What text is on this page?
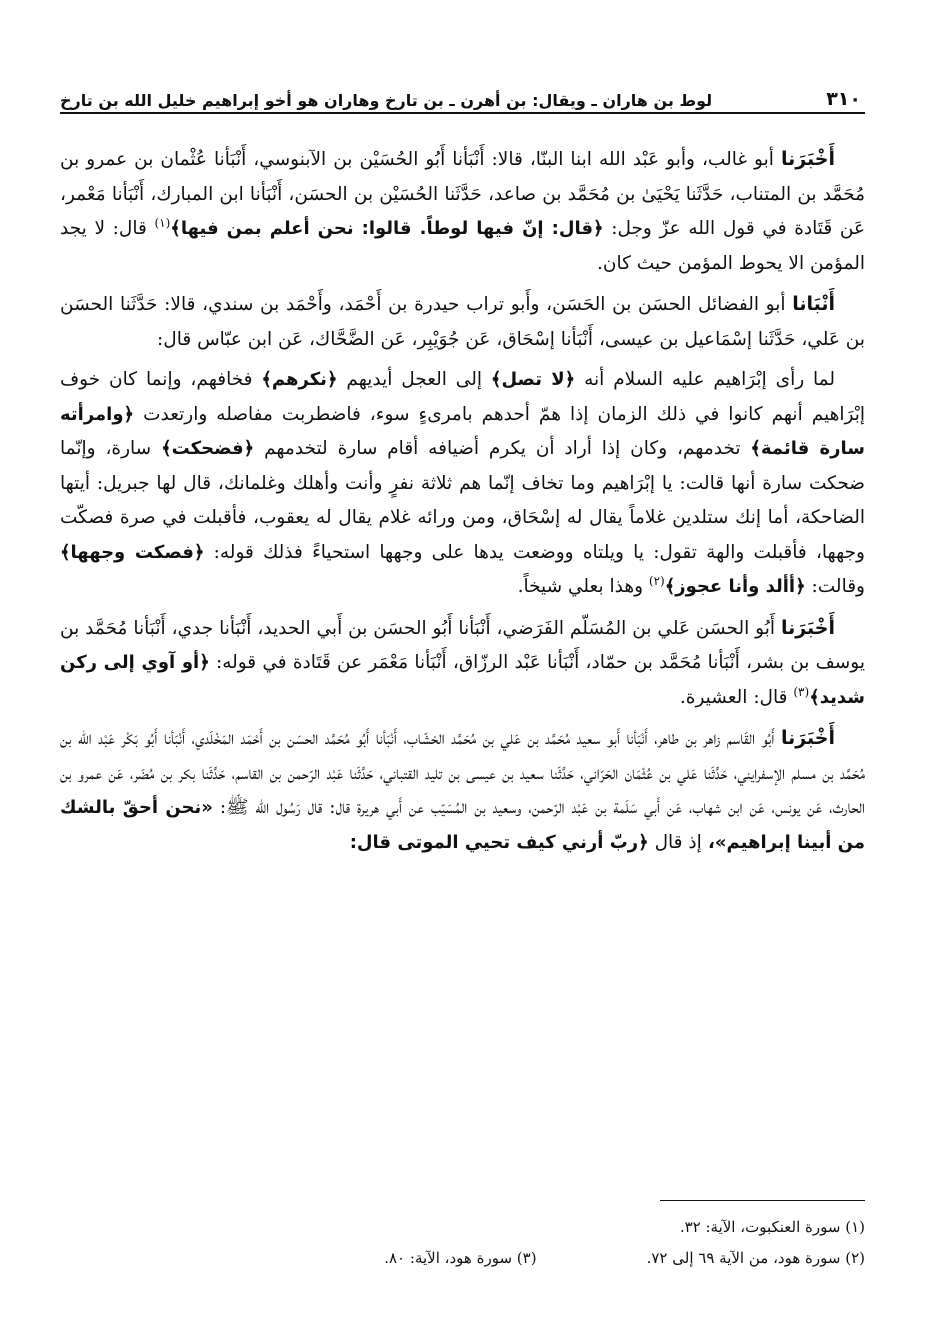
٣١٠
لوط بن هاران ـ ويقال: بن أهرن ـ بن تارخ وهاران هو أخو إبراهيم خليل الله بن تارخ

أَخْبَرَنا أبو غالب، وأبو عَبْد الله ابنا البنّا، قالا: أَنْبَأنا أَبُو الحُسَيْن بن الآبنوسي، أَنْبَأنا عُثْمان بن عمرو بن مُحَمَّد بن المتناب، حَدَّثَنا يَحْيَىٰ بن مُحَمَّد بن صاعد، حَدَّثَنا الحُسَيْن بن الحسَن، أَنْبَأنا ابن المبارك، أَنْبَأنا مَعْمر، عَن قَتَادة في قول الله عزّ وجل: ﴿قال: إنّ فيها لوطاً. قالوا: نحن أعلم بمن فيها﴾$^{(١)}$ قال: لا يجد المؤمن الا يحوط المؤمن حيث كان.

أَنْبَانا أبو الفضائل الحسَن بن الحَسَن، وأَبو تراب حيدرة بن أَحْمَد، وأَحْمَد بن سندي، قالا: حَدَّثَنا الحسَن بن عَلي، حَدَّثَنا إسْمَاعيل بن عيسى، أَنْبَأنا إسْحَاق، عَن جُوَيْبِر، عَن الضَّحَّاك، عَن ابن عبّاس قال:

لما رأى إبْرَاهيم عليه السلام أنه ﴿لا تصل﴾ إلى العجل أيديهم ﴿نكرهم﴾ فخافهم، وإنما كان خوف إبْرَاهيم أنهم كانوا في ذلك الزمان إذا همّ أحدهم بامرىءٍ سوء، فاضطربت مفاصله وارتعدت ﴿وامرأته سارة قائمة﴾ تخدمهم، وكان إذا أراد أن يكرم أضيافه أقام سارة لتخدمهم ﴿فضحكت﴾ سارة، وإنّما ضحكت سارة أنها قالت: يا إبْرَاهيم وما تخاف إنّما هم ثلاثة نفرٍ وأنت وأهلك وغلمانك، قال لها جبريل: أيتها الضاحكة، أما إنك ستلدين غلاماً يقال له إسْحَاق، ومن ورائه غلام يقال له يعقوب، فأقبلت في صرة فصكّت وجهها، فأقبلت والهة تقول: يا ويلتاه ووضعت يدها على وجهها استحياءً فذلك قوله: ﴿فصكت وجهها﴾ وقالت: ﴿أألد وأنا عجوز﴾$^{(٢)}$ وهذا بعلي شيخاً.

أَخْبَرَنا أَبُو الحسَن عَلي بن المُسَلّم الفَرَضي، أَنْبَأنا أَبُو الحسَن بن أَبي الحديد، أَنْبَأنا جدي، أَنْبَأنا مُحَمَّد بن يوسف بن بشر، أَنْبَأنا مُحَمَّد بن حمّاد، أَنْبَأنا عَبْد الرزّاق، أَنْبَأنا مَعْمَر عن قَتَادة في قوله: ﴿أو آوي إلى ركن شديد﴾$^{(٣)}$ قال: العشيرة.

أَخْبَرَنا أَبُو القَاسم زاهر بن طاهر، أَنْبَأنا أَبو سعيد مُحَمَّد بن عَلي بن مُحَمَّد الخشّاب، أَنْبَأنا أَبُو مُحَمَّد الحسَن بن أَحْمَد المَخْلَدي، أَنْبَأنا أَبُو بَكْر عَبْد الله بن مُحَمَّد بن مسلم الإسفرايني، حَدَّثَنا عَلي بن عُثْمَان الحَرّاني، حَدَّثَنا سعيد بن عيسى بن تليد القتباني، حَدَّثَنا عَبْد الرّحمن بن القاسم، حَدَّثَنا بكر بن مُضَر، عَن عمرو بن الحارث، عَن يونس، عَن ابن شهاب، عَن أَبي سَلَمة بن عَبْد الرّحمن، وسعيد بن المُسَيّب عن أَبي هريرة قال: قال رَسُول الله ﷺ: «نحن أحقّ بالشك من أبينا إبراهيم»، إذ قال ﴿ربّ أرني كيف تحيي الموتى قال:

(١) سورة العنكبوت، الآية: ٣٢.
(٢) سورة هود، من الآية ٦٩ إلى ٧٢.
(٣) سورة هود، الآية: ٨٠.
